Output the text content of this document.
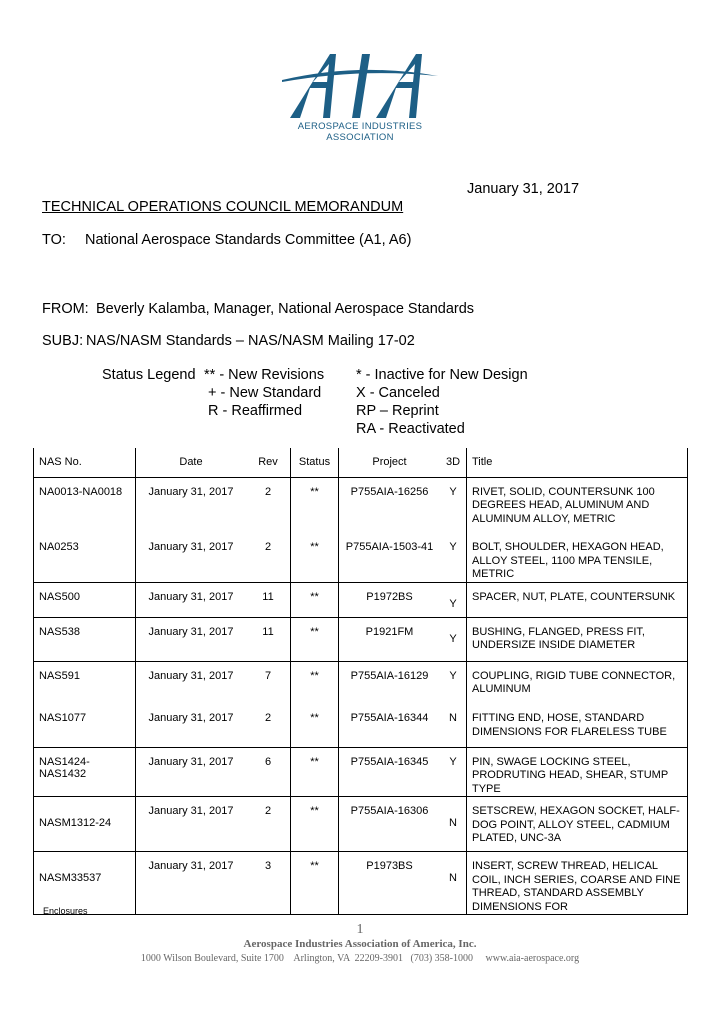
AEROSPACE INDUSTRIES
ASSOCIATION
January 31, 2017
TECHNICAL OPERATIONS COUNCIL MEMORANDUM
TO: National Aerospace Standards Committee (A1, A6)
FROM: Beverly Kalamba, Manager, National Aerospace Standards
SUBJ: NAS/NASM Standards – NAS/NASM Mailing 17-02
Status Legend ** - New Revisions
+ - New Standard
R - Reaffirmed
* - Inactive for New Design
X - Canceled
RP – Reprint
RA - Reactivated
NAS No.	Date	Rev	Status	Project	3D	Title
NA0013-NA0018	January 31, 2017	2	**	P755AIA-16256	Y	RIVET, SOLID, COUNTERSUNK 100 DEGREES HEAD, ALUMINUM AND ALUMINUM ALLOY, METRIC
NA0253	January 31, 2017	2	**	P755AIA-1503-41	Y	BOLT, SHOULDER, HEXAGON HEAD, ALLOY STEEL, 1100 MPA TENSILE, METRIC
NAS500	January 31, 2017	11	**	P1972BS	Y	SPACER, NUT, PLATE, COUNTERSUNK
NAS538	January 31, 2017	11	**	P1921FM	Y	BUSHING, FLANGED, PRESS FIT, UNDERSIZE INSIDE DIAMETER
NAS591	January 31, 2017	7	**	P755AIA-16129	Y	COUPLING, RIGID TUBE CONNECTOR, ALUMINUM
NAS1077	January 31, 2017	2	**	P755AIA-16344	N	FITTING END, HOSE, STANDARD DIMENSIONS FOR FLARELESS TUBE
NAS1424-NAS1432	January 31, 2017	6	**	P755AIA-16345	Y	PIN, SWAGE LOCKING STEEL, PRODRUTING HEAD, SHEAR, STUMP TYPE
NASM1312-24	January 31, 2017	2	**	P755AIA-16306	N	SETSCREW, HEXAGON SOCKET, HALF-DOG POINT, ALLOY STEEL, CADMIUM PLATED, UNC-3A
NASM33537	January 31, 2017	3	**	P1973BS	N	INSERT, SCREW THREAD, HELICAL COIL, INCH SERIES, COARSE AND FINE THREAD, STANDARD ASSEMBLY DIMENSIONS FOR
Enclosures
1
Aerospace Industries Association of America, Inc.
1000 Wilson Boulevard, Suite 1700    Arlington, VA  22209-3901   (703) 358-1000     www.aia-aerospace.org
